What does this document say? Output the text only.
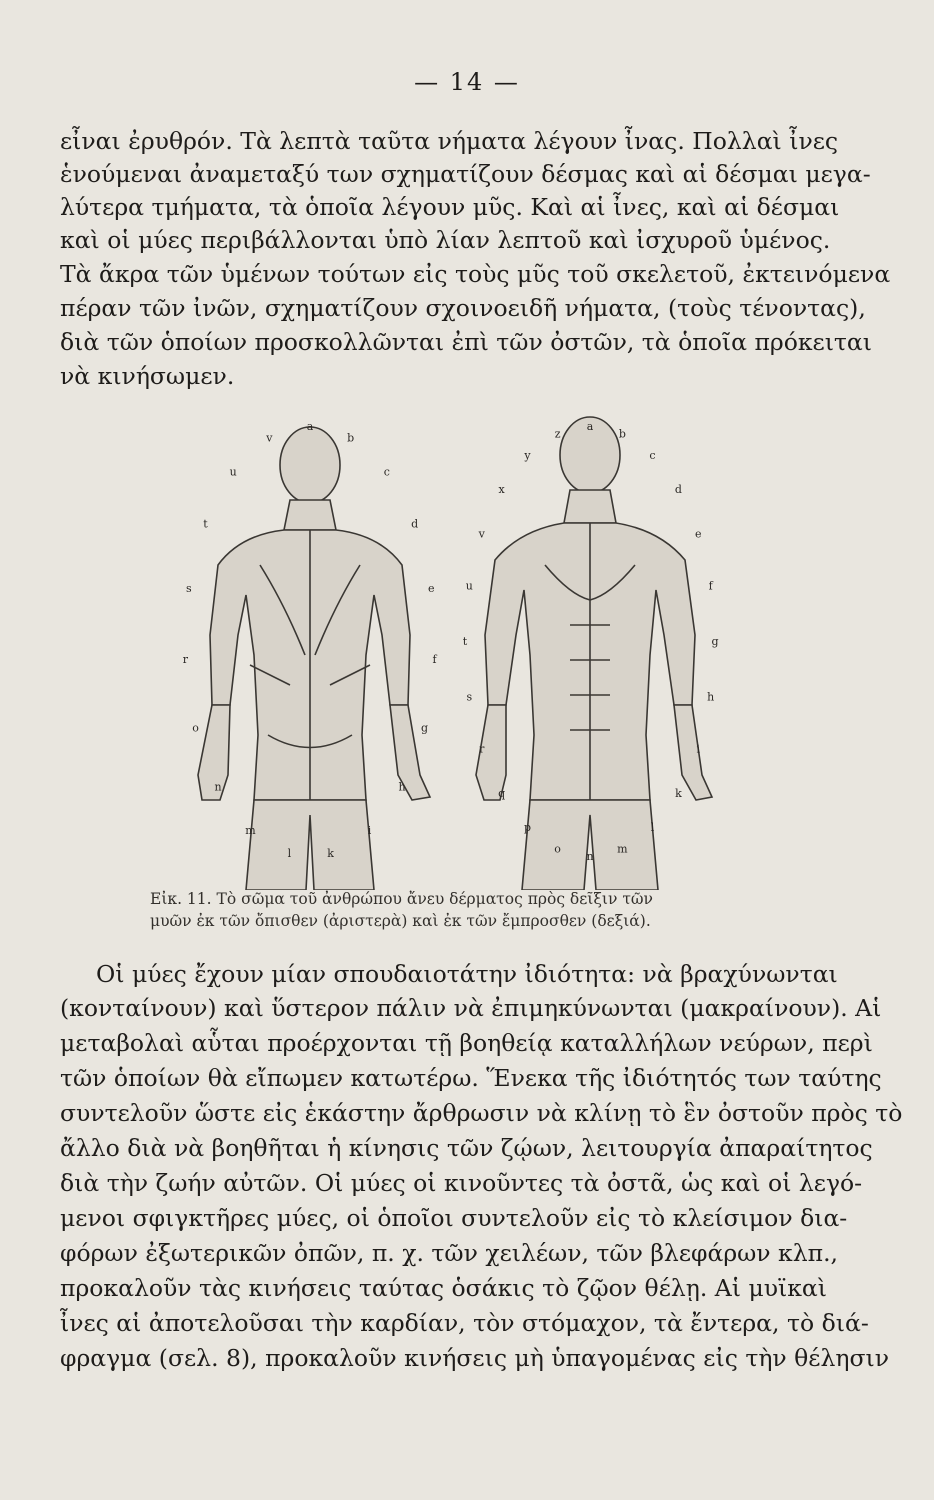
— 14 —
εἶναι ἐρυθρόν. Τὰ λεπτὰ ταῦτα νήματα λέγουν ἶνας. Πολλαὶ ἶνες
ἑνούμεναι ἀναμεταξύ των σχηματίζουν δέσμας καὶ αἱ δέσμαι μεγα-
λύτερα τμήματα, τὰ ὁποῖα λέγουν μῦς. Καὶ αἱ ἶνες, καὶ αἱ δέσμαι
καὶ οἱ μύες περιβάλλονται ὑπὸ λίαν λεπτοῦ καὶ ἰσχυροῦ ὑμένος.
Τὰ ἄκρα τῶν ὑμένων τούτων εἰς τοὺς μῦς τοῦ σκελετοῦ, ἐκτεινόμενα
πέραν τῶν ἰνῶν, σχηματίζουν σχοινοειδῆ νήματα, (τοὺς τένοντας),
διὰ τῶν ὁποίων προσκολλῶνται ἐπὶ τῶν ὀστῶν, τὰ ὁποῖα πρόκειται
νὰ κινήσωμεν.
a
b
c
d
e
f
g
h
i
k
l
m
n
o
r
s
t
u
v
a
b
c
d
e
f
g
h
i
k
l
m
n
o
p
q
r
s
t
u
v
x
y
z
Εἰκ. 11. Τὸ σῶμα τοῦ ἀνθρώπου ἄνευ δέρματος πρὸς δεῖξιν τῶν
μυῶν ἐκ τῶν ὄπισθεν (ἀριστερὰ) καὶ ἐκ τῶν ἔμπροσθεν (δεξιά).
Οἱ μύες ἔχουν μίαν σπουδαιοτάτην ἰδιότητα: νὰ βραχύνωνται
(κονταίνουν) καὶ ὕστερον πάλιν νὰ ἐπιμηκύνωνται (μακραίνουν). Αἱ
μεταβολαὶ αὗται προέρχονται τῇ βοηθείᾳ καταλλήλων νεύρων, περὶ
τῶν ὁποίων θὰ εἴπωμεν κατωτέρω. Ἕνεκα τῆς ἰδιότητός των ταύτης
συντελοῦν ὥστε εἰς ἑκάστην ἄρθρωσιν νὰ κλίνῃ τὸ ἓν ὀστοῦν πρὸς τὸ
ἄλλο διὰ νὰ βοηθῆται ἡ κίνησις τῶν ζῴων, λειτουργία ἀπαραίτητος
διὰ τὴν ζωήν αὐτῶν. Οἱ μύες οἱ κινοῦντες τὰ ὀστᾶ, ὡς καὶ οἱ λεγό-
μενοι σφιγκτῆρες μύες, οἱ ὁποῖοι συντελοῦν εἰς τὸ κλείσιμον δια-
φόρων ἐξωτερικῶν ὀπῶν, π. χ. τῶν χειλέων, τῶν βλεφάρων κλπ.,
προκαλοῦν τὰς κινήσεις ταύτας ὁσάκις τὸ ζῷον θέλῃ. Αἱ μυϊκαὶ
ἶνες αἱ ἀποτελοῦσαι τὴν καρδίαν, τὸν στόμαχον, τὰ ἔντερα, τὸ διά-
φραγμα (σελ. 8), προκαλοῦν κινήσεις μὴ ὑπαγομένας εἰς τὴν θέλησιν
